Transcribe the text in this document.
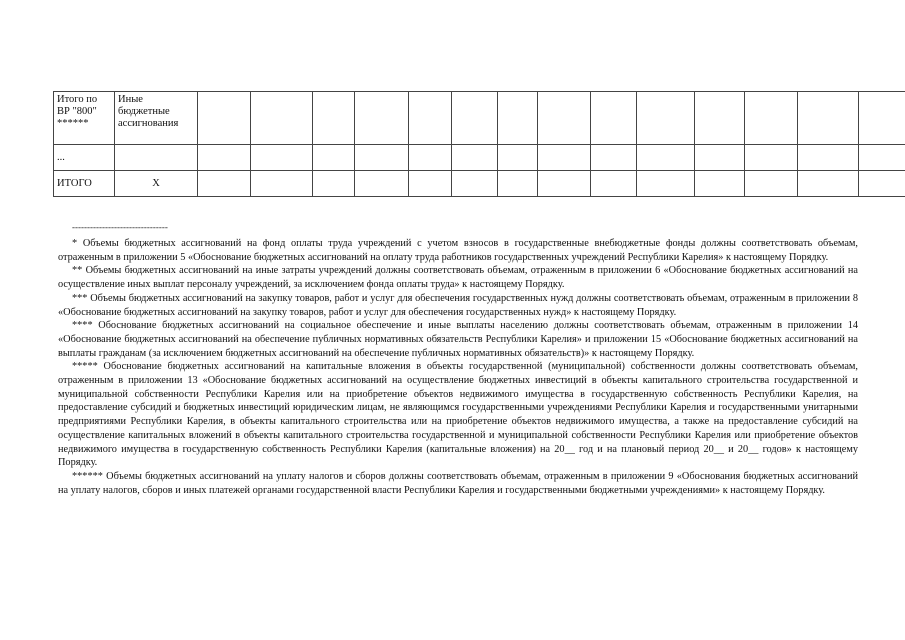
Итого по ВР "800" ******	Иные бюджетные ассигнования														
...															
ИТОГО	X														
--------------------------------

* Объемы бюджетных ассигнований на фонд оплаты труда учреждений с учетом взносов в государственные внебюджетные фонды должны соответствовать объемам, отраженным в приложении 5 «Обоснование бюджетных ассигнований на оплату труда работников государственных учреждений Республики Карелия» к настоящему Порядку.

** Объемы бюджетных ассигнований на иные затраты учреждений должны соответствовать объемам, отраженным в приложении 6 «Обоснование бюджетных ассигнований на осуществление иных выплат персоналу учреждений, за исключением фонда оплаты труда» к настоящему Порядку.

*** Объемы бюджетных ассигнований на закупку товаров, работ и услуг для обеспечения государственных нужд должны соответствовать объемам, отраженным в приложении 8 «Обоснование бюджетных ассигнований на закупку товаров, работ и услуг для обеспечения государственных нужд» к настоящему Порядку.

**** Обоснование бюджетных ассигнований на социальное обеспечение и иные выплаты населению должны соответствовать объемам, отраженным в приложении 14 «Обоснование бюджетных ассигнований на обеспечение публичных нормативных обязательств Республики Карелия» и приложении 15 «Обоснование бюджетных ассигнований на выплаты гражданам (за исключением бюджетных ассигнований на обеспечение публичных нормативных обязательств)» к настоящему Порядку.

***** Обоснование бюджетных ассигнований на капитальные вложения в объекты государственной (муниципальной) собственности должны соответствовать объемам, отраженным в приложении 13 «Обоснование бюджетных ассигнований на осуществление бюджетных инвестиций в объекты капитального строительства государственной и муниципальной собственности Республики Карелия или на приобретение объектов недвижимого имущества в государственную собственность Республики Карелия, на предоставление субсидий и бюджетных инвестиций юридическим лицам, не являющимся государственными учреждениями Республики Карелия и государственными унитарными предприятиями Республики Карелия, в объекты капитального строительства или на приобретение объектов недвижимого имущества, а также на предоставление субсидий на осуществление капитальных вложений в объекты капитального строительства государственной и муниципальной собственности Республики Карелия или приобретение объектов недвижимого имущества в государственную собственность Республики Карелия (капитальные вложения) на 20__ год и на плановый период 20__ и 20__ годов» к настоящему Порядку.

****** Объемы бюджетных ассигнований на уплату налогов и сборов должны соответствовать объемам, отраженным в приложении 9 «Обоснования бюджетных ассигнований на уплату налогов, сборов и иных платежей органами государственной власти Республики Карелия и государственными бюджетными учреждениями» к настоящему Порядку.
